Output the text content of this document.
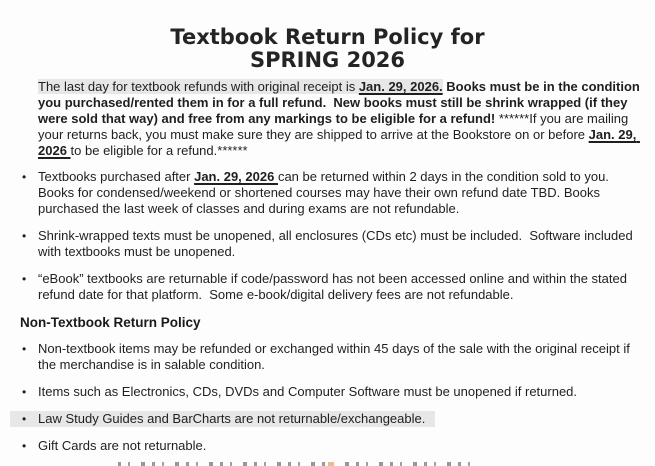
Textbook Return Policy for
SPRING 2026
The last day for textbook refunds with original receipt is Jan. 29, 2026. Books must be in the condition you purchased/rented them in for a full refund.  New books must still be shrink wrapped (if they were sold that way) and free from any markings to be eligible for a refund! ******If you are mailing your returns back, you must make sure they are shipped to arrive at the Bookstore on or before Jan. 29, 2026 to be eligible for a refund.******
• Textbooks purchased after Jan. 29, 2026 can be returned within 2 days in the condition sold to you.  Books for condensed/weekend or shortened courses may have their own refund date TBD. Books purchased the last week of classes and during exams are not refundable.
• Shrink-wrapped texts must be unopened, all enclosures (CDs etc) must be included.  Software included with textbooks must be unopened.
• “eBook” textbooks are returnable if code/password has not been accessed online and within the stated refund date for that platform.  Some e-book/digital delivery fees are not refundable.
Non-Textbook Return Policy
• Non-textbook items may be refunded or exchanged within 45 days of the sale with the original receipt if the merchandise is in salable condition.
• Items such as Electronics, CDs, DVDs and Computer Software must be unopened if returned.
• Law Study Guides and BarCharts are not returnable/exchangeable.
• Gift Cards are not returnable.
